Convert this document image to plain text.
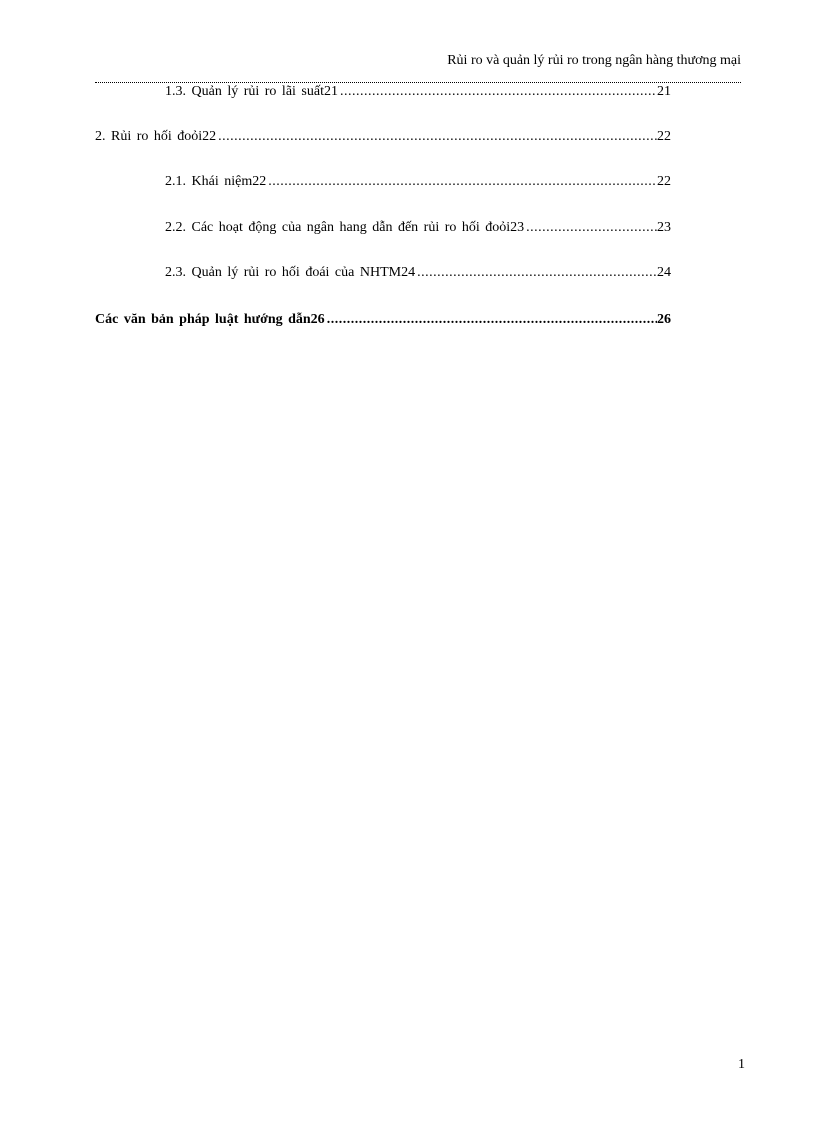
Rủi ro và quản lý rủi ro trong ngân hàng thương mại
1.3. Quản lý rủi ro lãi suất21 .....	21
2. Rủi ro hối đoỏi22 .....	22
2.1. Khái niệm22 .....	22
2.2. Các hoạt động của ngân hang dẫn đến rủi ro hối đoỏi23 .....	23
2.3. Quản lý rủi ro hối đoái của NHTM24 .....	24
Các văn bản pháp luật hướng dẫn26 .....	26
1
